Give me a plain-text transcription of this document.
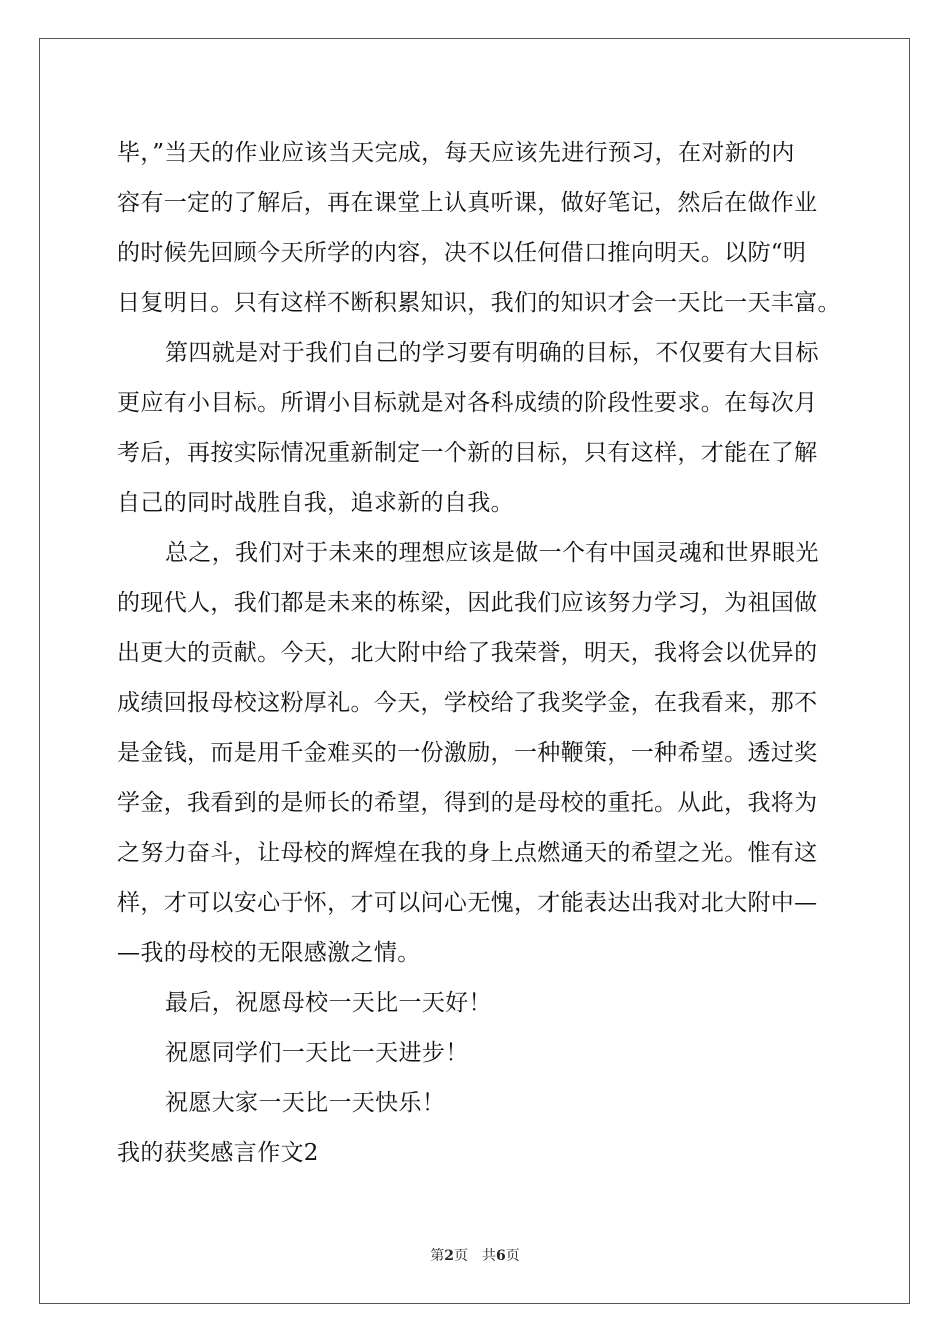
毕，”当天的作业应该当天完成，每天应该先进行预习，在对新的内
容有一定的了解后，再在课堂上认真听课，做好笔记，然后在做作业
的时候先回顾今天所学的内容，决不以任何借口推向明天。以防“明
日复明日。只有这样不断积累知识，我们的知识才会一天比一天丰富。
第四就是对于我们自己的学习要有明确的目标，不仅要有大目标
更应有小目标。所谓小目标就是对各科成绩的阶段性要求。在每次月
考后，再按实际情况重新制定一个新的目标，只有这样，才能在了解
自己的同时战胜自我，追求新的自我。
总之，我们对于未来的理想应该是做一个有中国灵魂和世界眼光
的现代人，我们都是未来的栋梁，因此我们应该努力学习，为祖国做
出更大的贡献。今天，北大附中给了我荣誉，明天，我将会以优异的
成绩回报母校这粉厚礼。今天，学校给了我奖学金，在我看来，那不
是金钱，而是用千金难买的一份激励，一种鞭策，一种希望。透过奖
学金，我看到的是师长的希望，得到的是母校的重托。从此，我将为
之努力奋斗，让母校的辉煌在我的身上点燃通天的希望之光。惟有这
样，才可以安心于怀，才可以问心无愧，才能表达出我对北大附中—
—我的母校的无限感激之情。
最后，祝愿母校一天比一天好！
祝愿同学们一天比一天进步！
祝愿大家一天比一天快乐！
我的获奖感言作文2
第2页　共6页
